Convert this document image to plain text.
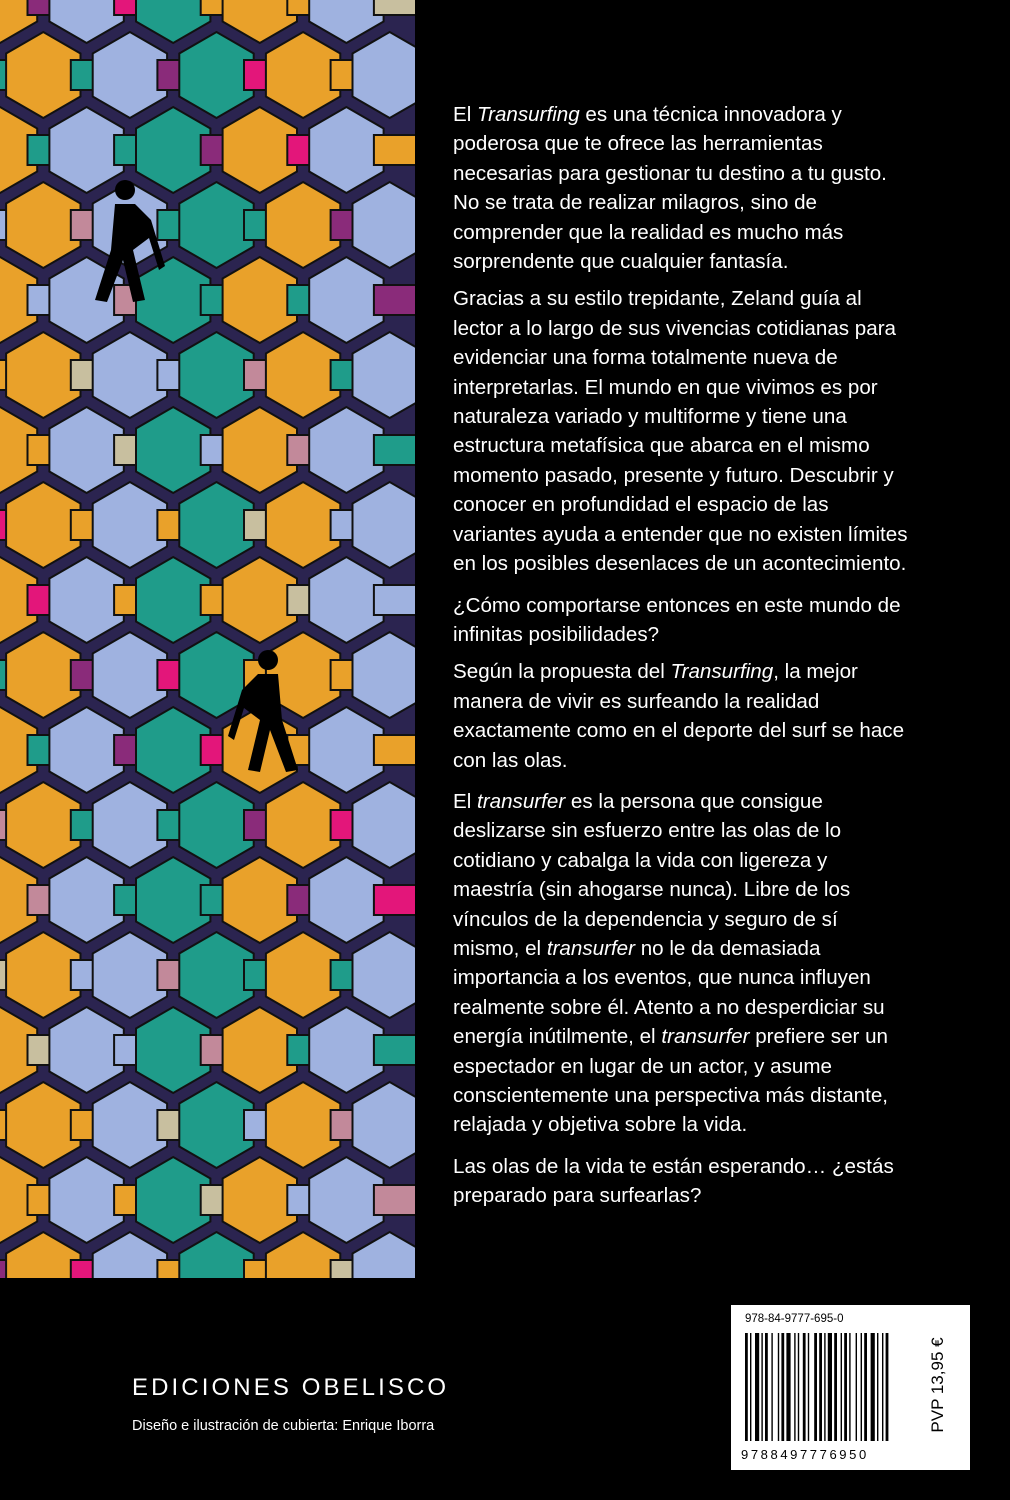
El Transurfing es una técnica innovadora y poderosa que te ofrece las herramientas necesarias para gestionar tu destino a tu gusto. No se trata de realizar milagros, sino de comprender que la realidad es mucho más sorprendente que cualquier fantasía.

Gracias a su estilo trepidante, Zeland guía al lector a lo largo de sus vivencias cotidianas para evidenciar una forma totalmente nueva de interpretarlas. El mundo en que vivimos es por naturaleza variado y multiforme y tiene una estructura metafísica que abarca en el mismo momento pasado, presente y futuro. Descubrir y conocer en profundidad el espacio de las variantes ayuda a entender que no existen límites en los posibles desenlaces de un acontecimiento.

¿Cómo comportarse entonces en este mundo de infinitas posibilidades?

Según la propuesta del Transurfing, la mejor manera de vivir es surfeando la realidad exactamente como en el deporte del surf se hace con las olas.

El transurfer es la persona que consigue deslizarse sin esfuerzo entre las olas de lo cotidiano y cabalga la vida con ligereza y maestría (sin ahogarse nunca). Libre de los vínculos de la dependencia y seguro de sí mismo, el transurfer no le da demasiada importancia a los eventos, que nunca influyen realmente sobre él. Atento a no desperdiciar su energía inútilmente, el transurfer prefiere ser un espectador en lugar de un actor, y asume conscientemente una perspectiva más distante, relajada y objetiva sobre la vida.

Las olas de la vida te están esperando… ¿estás preparado para surfearlas?

EDICIONES OBELISCO
Diseño e ilustración de cubierta: Enrique Iborra
978-84-9777-695-0
9788497776950
PVP 13,95 €
